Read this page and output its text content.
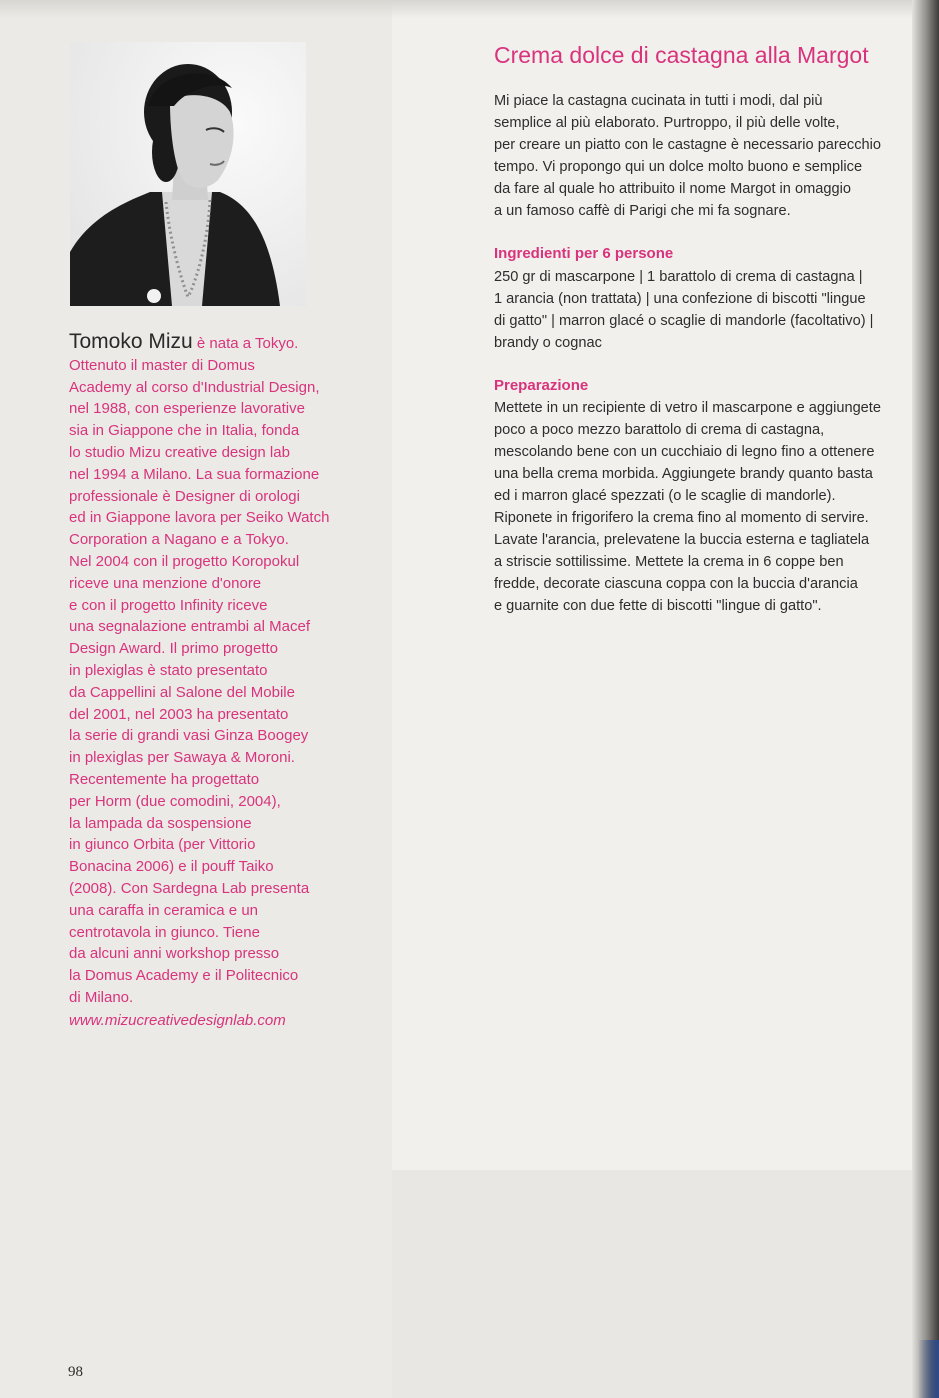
Tomoko Mizu è nata a Tokyo.
Ottenuto il master di Domus
Academy al corso d'Industrial Design,
nel 1988, con esperienze lavorative
sia in Giappone che in Italia, fonda
lo studio Mizu creative design lab
nel 1994 a Milano. La sua formazione
professionale è Designer di orologi
ed in Giappone lavora per Seiko Watch
Corporation a Nagano e a Tokyo.
Nel 2004 con il progetto Koropokul
riceve una menzione d'onore
e con il progetto Infinity riceve
una segnalazione entrambi al Macef
Design Award. Il primo progetto
in plexiglas è stato presentato
da Cappellini al Salone del Mobile
del 2001, nel 2003 ha presentato
la serie di grandi vasi Ginza Boogey
in plexiglas per Sawaya & Moroni.
Recentemente ha progettato
per Horm (due comodini, 2004),
la lampada da sospensione
in giunco Orbita (per Vittorio
Bonacina 2006) e il pouff Taiko
(2008). Con Sardegna Lab presenta
una caraffa in ceramica e un
centrotavola in giunco. Tiene
da alcuni anni workshop presso
la Domus Academy e il Politecnico
di Milano.
www.mizucreativedesignlab.com
Crema dolce di castagna alla Margot
Mi piace la castagna cucinata in tutti i modi, dal più
semplice al più elaborato. Purtroppo, il più delle volte,
per creare un piatto con le castagne è necessario parecchio
tempo. Vi propongo qui un dolce molto buono e semplice
da fare al quale ho attribuito il nome Margot in omaggio
a un famoso caffè di Parigi che mi fa sognare.
Ingredienti per 6 persone
250 gr di mascarpone | 1 barattolo di crema di castagna |
1 arancia (non trattata) | una confezione di biscotti "lingue
di gatto" | marron glacé o scaglie di mandorle (facoltativo) |
brandy o cognac
Preparazione
Mettete in un recipiente di vetro il mascarpone e aggiungete
poco a poco mezzo barattolo di crema di castagna,
mescolando bene con un cucchiaio di legno fino a ottenere
una bella crema morbida. Aggiungete brandy quanto basta
ed i marron glacé spezzati (o le scaglie di mandorle).
Riponete in frigorifero la crema fino al momento di servire.
Lavate l'arancia, prelevatene la buccia esterna e tagliatela
a striscie sottilissime. Mettete la crema in 6 coppe ben
fredde, decorate ciascuna coppa con la buccia d'arancia
e guarnite con due fette di biscotti "lingue di gatto".
98
